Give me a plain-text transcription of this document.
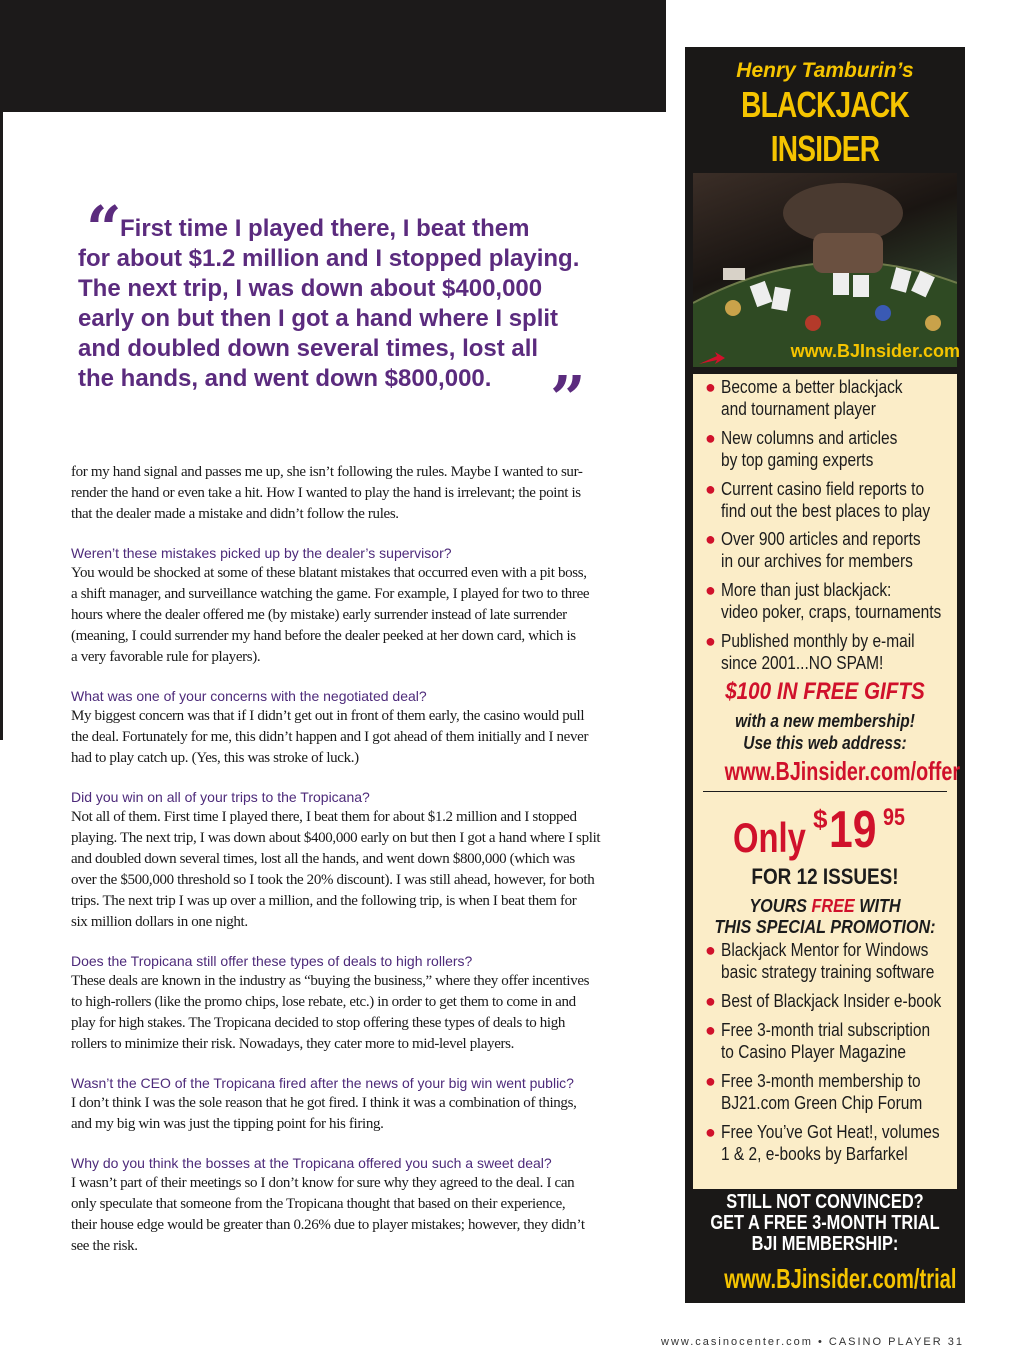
“
First time I played there, I beat them
for about $1.2 million and I stopped playing.
The next trip, I was down about $400,000
early on but then I got a hand where I split
and doubled down several times, lost all
the hands, and went down $800,000. ”
for my hand signal and passes me up, she isn’t following the rules. Maybe I wanted to sur-
render the hand or even take a hit. How I wanted to play the hand is irrelevant; the point is
that the dealer made a mistake and didn’t follow the rules.
Weren’t these mistakes picked up by the dealer’s supervisor?
You would be shocked at some of these blatant mistakes that occurred even with a pit boss,
a shift manager, and surveillance watching the game. For example, I played for two to three
hours where the dealer offered me (by mistake) early surrender instead of late surrender
(meaning, I could surrender my hand before the dealer peeked at her down card, which is
a very favorable rule for players).
What was one of your concerns with the negotiated deal?
My biggest concern was that if I didn’t get out in front of them early, the casino would pull
the deal. Fortunately for me, this didn’t happen and I got ahead of them initially and I never
had to play catch up. (Yes, this was stroke of luck.)
Did you win on all of your trips to the Tropicana?
Not all of them. First time I played there, I beat them for about $1.2 million and I stopped
playing. The next trip, I was down about $400,000 early on but then I got a hand where I split
and doubled down several times, lost all the hands, and went down $800,000 (which was
over the $500,000 threshold so I took the 20% discount). I was still ahead, however, for both
trips. The next trip I was up over a million, and the following trip, is when I beat them for
six million dollars in one night.
Does the Tropicana still offer these types of deals to high rollers?
These deals are known in the industry as “buying the business,” where they offer incentives
to high-rollers (like the promo chips, lose rebate, etc.) in order to get them to come in and
play for high stakes. The Tropicana decided to stop offering these types of deals to high
rollers to minimize their risk. Nowadays, they cater more to mid-level players.
Wasn’t the CEO of the Tropicana fired after the news of your big win went public?
I don’t think I was the sole reason that he got fired. I think it was a combination of things,
and my big win was just the tipping point for his firing.
Why do you think the bosses at the Tropicana offered you such a sweet deal?
I wasn’t part of their meetings so I don’t know for sure why they agreed to the deal. I can
only speculate that someone from the Tropicana thought that based on their experience,
their house edge would be greater than 0.26% due to player mistakes; however, they didn’t
see the risk.
Henry Tamburin’s
BLACKJACK INSIDER
www.BJInsider.com
● Become a better blackjack
and tournament player
● New columns and articles
by top gaming experts
● Current casino field reports to
find out the best places to play
● Over 900 articles and reports
in our archives for members
● More than just blackjack:
video poker, craps, tournaments
● Published monthly by e-mail
since 2001...NO SPAM!
$100 IN FREE GIFTS
with a new membership!
Use this web address:
www.BJinsider.com/offer
Only $ 19 95
FOR 12 ISSUES!
YOURS FREE WITH
THIS SPECIAL PROMOTION:
● Blackjack Mentor for Windows
basic strategy training software
● Best of Blackjack Insider e-book
● Free 3-month trial subscription
to Casino Player Magazine
● Free 3-month membership to
BJ21.com Green Chip Forum
● Free You’ve Got Heat!, volumes
1 & 2, e-books by Barfarkel
STILL NOT CONVINCED?
GET A FREE 3-MONTH TRIAL
BJI MEMBERSHIP:
www.BJinsider.com/trial
www.casinocenter.com • CASINO PLAYER 31
